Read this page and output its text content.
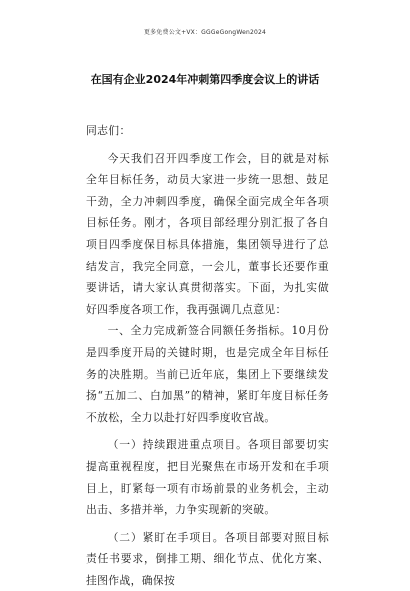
更多免费公文+VX：GGGeGongWen2024
在国有企业2024年冲刺第四季度会议上的讲话

同志们：

今天我们召开四季度工作会，目的就是对标全年目标任务，动员大家进一步统一思想、鼓足干劲，全力冲刺四季度，确保全面完成全年各项目标任务。刚才，各项目部经理分别汇报了各自项目四季度保目标具体措施，集团领导进行了总结发言，我完全同意，一会儿，董事长还要作重要讲话，请大家认真贯彻落实。下面，为扎实做好四季度各项工作，我再强调几点意见：

一、全力完成新签合同额任务指标。10月份是四季度开局的关键时期，也是完成全年目标任务的决胜期。当前已近年底，集团上下要继续发扬“五加二、白加黑”的精神，紧盯年度目标任务不放松，全力以赴打好四季度收官战。

（一）持续跟进重点项目。各项目部要切实提高重视程度，把目光聚焦在市场开发和在手项目上，盯紧每一项有市场前景的业务机会，主动出击、多措并举，力争实现新的突破。

（二）紧盯在手项目。各项目部要对照目标责任书要求，倒排工期、细化节点、优化方案、挂图作战，确保按
